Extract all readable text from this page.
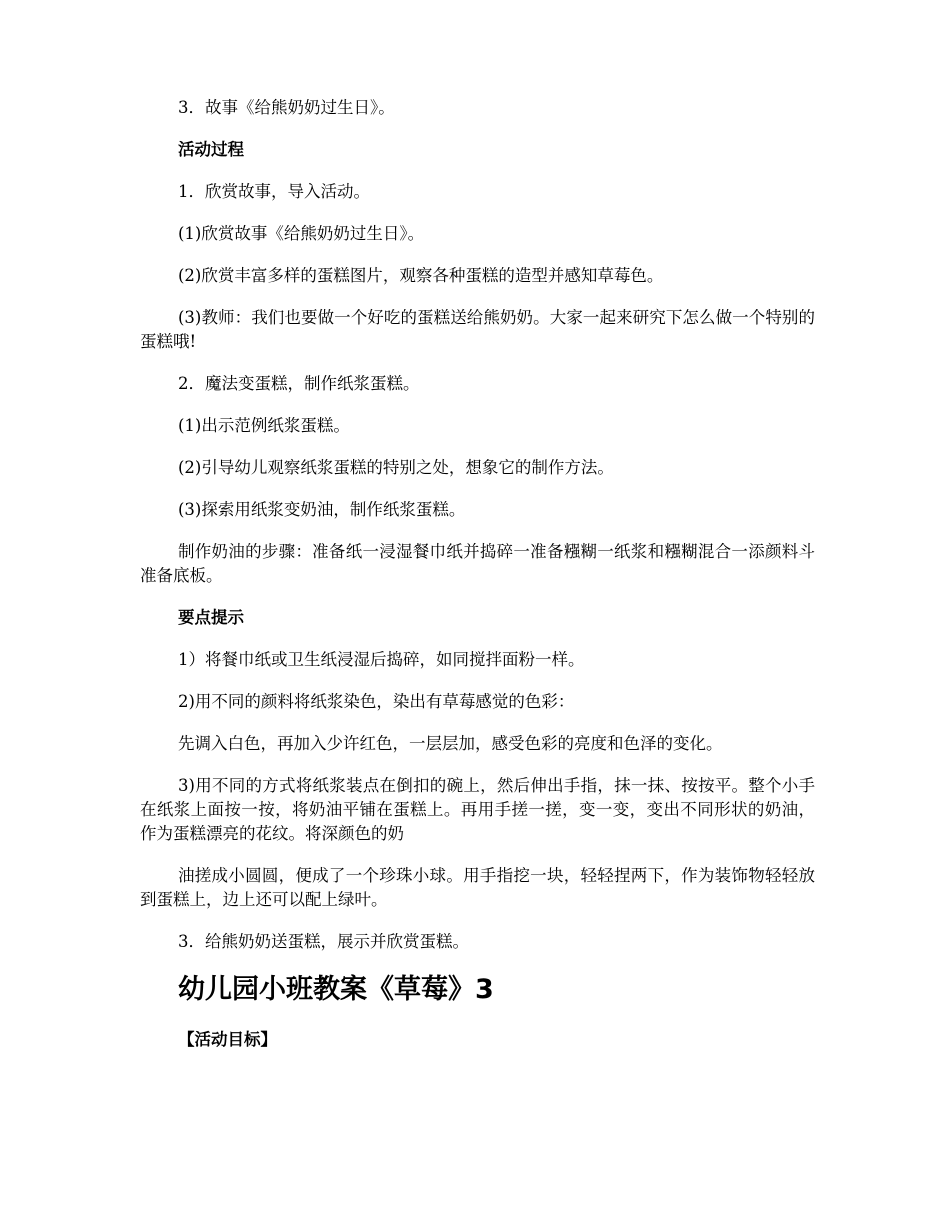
3．故事《给熊奶奶过生日》。

活动过程

1．欣赏故事，导入活动。

(1)欣赏故事《给熊奶奶过生日》。

(2)欣赏丰富多样的蛋糕图片，观察各种蛋糕的造型并感知草莓色。

(3)教师：我们也要做一个好吃的蛋糕送给熊奶奶。大家一起来研究下怎么做一个特别的蛋糕哦!

2．魔法变蛋糕，制作纸浆蛋糕。

(1)出示范例纸浆蛋糕。

(2)引导幼儿观察纸浆蛋糕的特别之处，想象它的制作方法。

(3)探索用纸浆变奶油，制作纸浆蛋糕。

制作奶油的步骤：准备纸一浸湿餐巾纸并捣碎一准备糨糊一纸浆和糨糊混合一添颜料斗准备底板。

要点提示

1）将餐巾纸或卫生纸浸湿后捣碎，如同搅拌面粉一样。

2)用不同的颜料将纸浆染色，染出有草莓感觉的色彩：

先调入白色，再加入少许红色，一层层加，感受色彩的亮度和色泽的变化。

3)用不同的方式将纸浆装点在倒扣的碗上，然后伸出手指，抹一抹、按按平。整个小手在纸浆上面按一按，将奶油平铺在蛋糕上。再用手搓一搓，变一变，变出不同形状的奶油，作为蛋糕漂亮的花纹。将深颜色的奶

油搓成小圆圆，便成了一个珍珠小球。用手指挖一块，轻轻捏两下，作为装饰物轻轻放到蛋糕上，边上还可以配上绿叶。

3．给熊奶奶送蛋糕，展示并欣赏蛋糕。

幼儿园小班教案《草莓》3
【活动目标】
